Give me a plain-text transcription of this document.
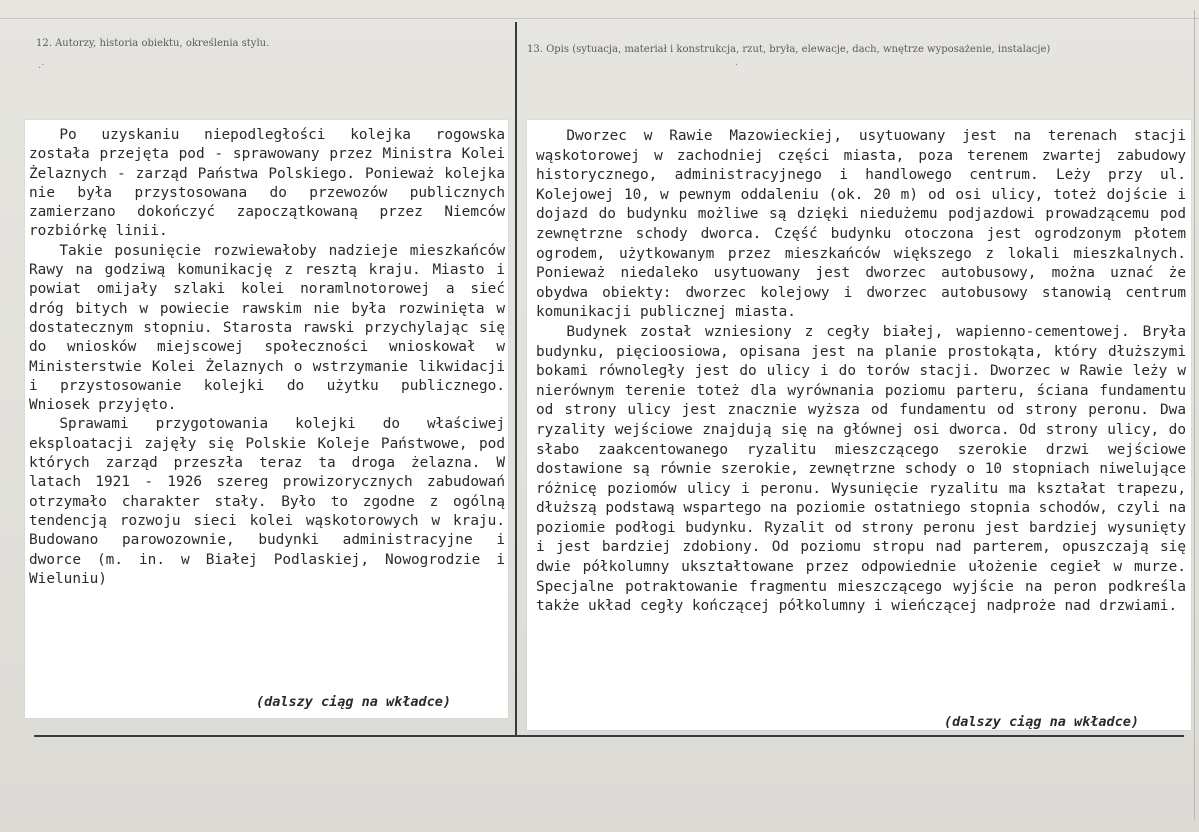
12. Autorzy, historia obiektu, określenia stylu.
13. Opis (sytuacja, materiał i konstrukcja, rzut, bryła, elewacje, dach, wnętrze wyposażenie, instalacje)
.·	·

Po uzyskaniu niepodległości kolejka rogowska została przejęta pod - sprawowany przez Ministra Kolei Żelaznych - zarząd Państwa Polskiego. Ponieważ kolejka nie była przystosowana do przewozów publicznych zamierzano dokończyć zapoczątkowaną przez Niemców rozbiórkę linii.

Takie posunięcie rozwiewałoby nadzieje mieszkańców Rawy na godziwą komunikację z resztą kraju. Miasto i powiat omijały szlaki kolei noramlnotorowej a sieć dróg bitych w powiecie rawskim nie była rozwinięta w dostatecznym stopniu. Starosta rawski przychylając się do wniosków miejscowej społeczności wnioskował w Ministerstwie Kolei Żelaznych o wstrzymanie likwidacji i przystosowanie kolejki do użytku publicznego. Wniosek przyjęto.

Sprawami przygotowania kolejki do właściwej eksploatacji zajęły się Polskie Koleje Państwowe, pod których zarząd przeszła teraz ta droga żelazna. W latach 1921 - 1926 szereg prowizorycznych zabudowań otrzymało charakter stały. Było to zgodne z ogólną tendencją rozwoju sieci kolei wąskotorowych w kraju. Budowano parowozownie, budynki administracyjne i dworce (m. in. w Białej Podlaskiej, Nowogrodzie i Wieluniu)

(dalszy ciąg na wkładce)

Dworzec w Rawie Mazowieckiej, usytuowany jest na terenach stacji wąskotorowej w zachodniej części miasta, poza terenem zwartej zabudowy historycznego, administracyjnego i handlowego centrum. Leży przy ul. Kolejowej 10, w pewnym oddaleniu (ok. 20 m) od osi ulicy, toteż dojście i dojazd do budynku możliwe są dzięki niedużemu podjazdowi prowadzącemu pod zewnętrzne schody dworca. Część budynku otoczona jest ogrodzonym płotem ogrodem, użytkowanym przez mieszkańców większego z lokali mieszkalnych. Ponieważ niedaleko usytuowany jest dworzec autobusowy, można uznać że obydwa obiekty: dworzec kolejowy i dworzec autobusowy stanowią centrum komunikacji publicznej miasta.

Budynek został wzniesiony z cegły białej, wapienno-cementowej. Bryła budynku, pięcioosiowa, opisana jest na planie prostokąta, który dłuższymi bokami równoległy jest do ulicy i do torów stacji. Dworzec w Rawie leży w nierównym terenie toteż dla wyrównania poziomu parteru, ściana fundamentu od strony ulicy jest znacznie wyższa od fundamentu od strony peronu. Dwa ryzality wejściowe znajdują się na głównej osi dworca. Od strony ulicy, do słabo zaakcentowanego ryzalitu mieszczącego szerokie drzwi wejściowe dostawione są równie szerokie, zewnętrzne schody o 10 stopniach niwelujące różnicę poziomów ulicy i peronu. Wysunięcie ryzalitu ma kształat trapezu, dłuższą podstawą wspartego na poziomie ostatniego stopnia schodów, czyli na poziomie podłogi budynku. Ryzalit od strony peronu jest bardziej wysunięty i jest bardziej zdobiony. Od poziomu stropu nad parterem, opuszczają się dwie półkolumny ukształtowane przez odpowiednie ułożenie cegieł w murze. Specjalne potraktowanie fragmentu mieszczącego wyjście na peron podkreśla także układ cegły kończącej półkolumny i wieńczącej nadproże nad drzwiami.

(dalszy ciąg na wkładce)
